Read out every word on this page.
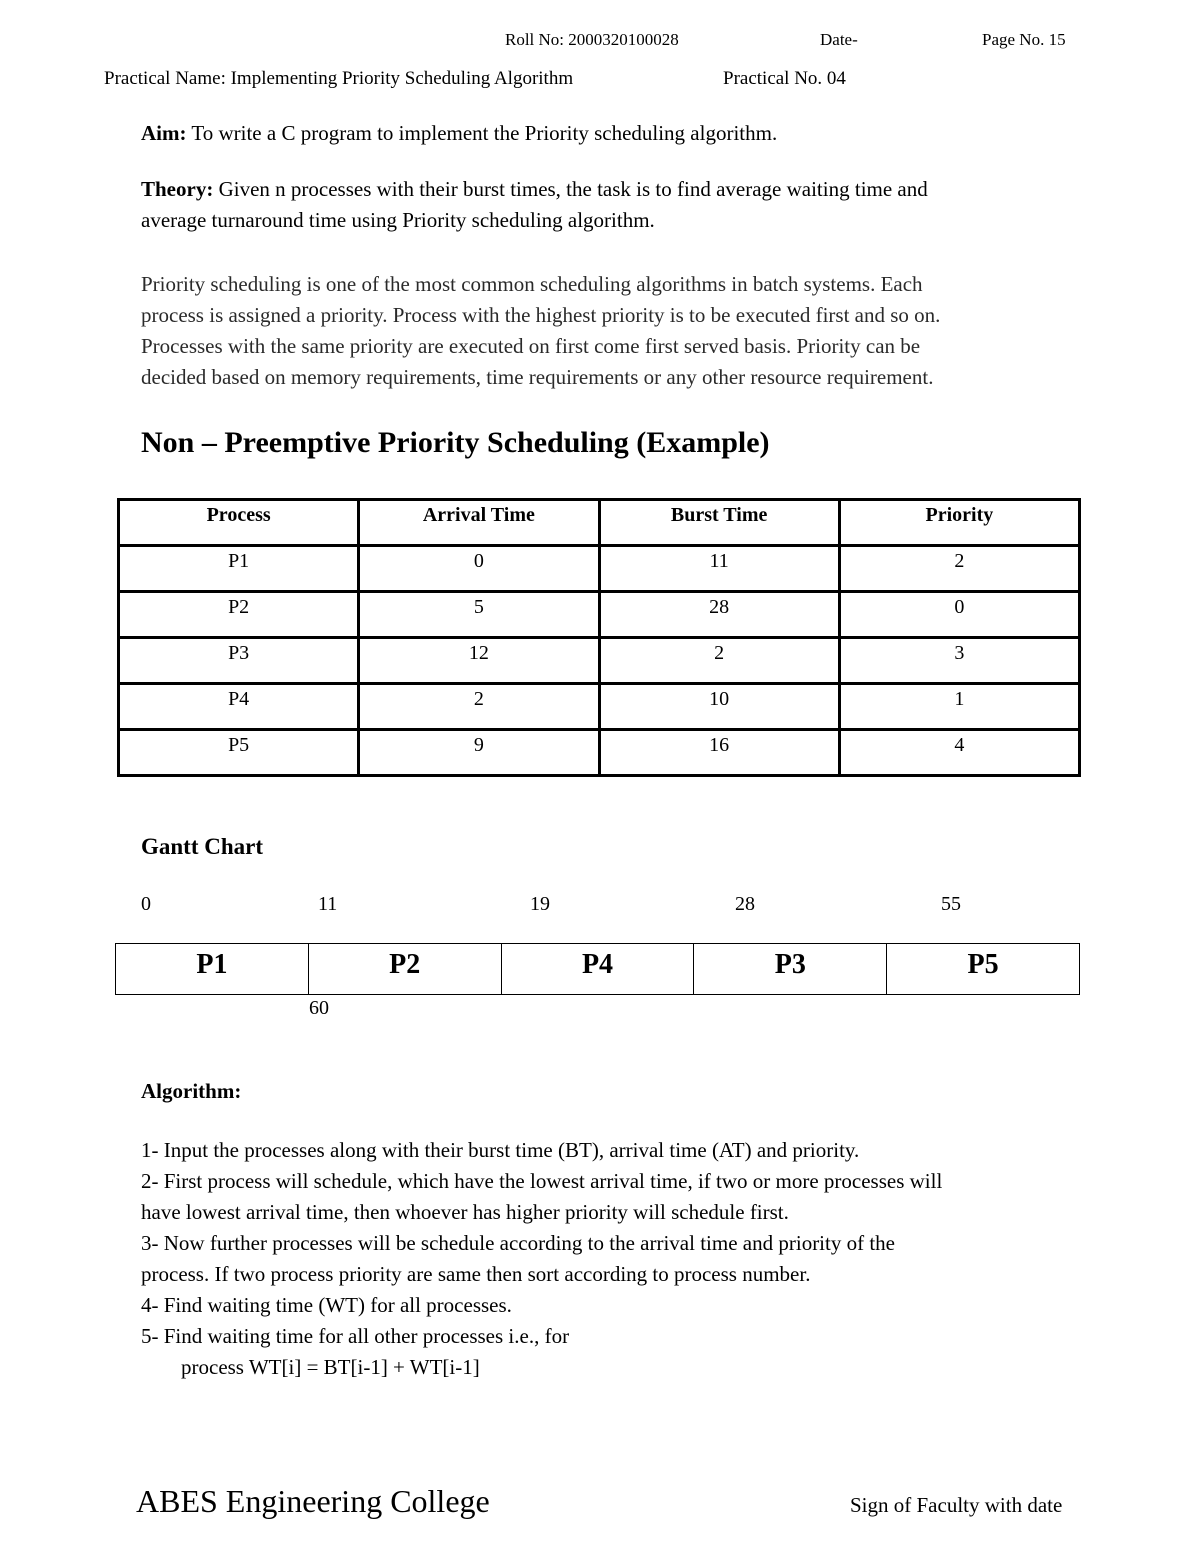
Roll No: 2000320100028	Date-	Page No. 15
Practical Name: Implementing Priority Scheduling Algorithm	Practical No. 04
Aim: To write a C program to implement the Priority scheduling algorithm.
Theory: Given n processes with their burst times, the task is to find average waiting time and
average turnaround time using Priority scheduling algorithm.
Priority scheduling is one of the most common scheduling algorithms in batch systems. Each
process is assigned a priority. Process with the highest priority is to be executed first and so on.
Processes with the same priority are executed on first come first served basis. Priority can be
decided based on memory requirements, time requirements or any other resource requirement.
Non – Preemptive Priority Scheduling (Example)
Process	Arrival Time	Burst Time	Priority
P1	0	11	2
P2	5	28	0
P3	12	2	3
P4	2	10	1
P5	9	16	4
Gantt Chart
0	11	19	28	55
P1	P2	P4	P3	P5
60
Algorithm:
1- Input the processes along with their burst time (BT), arrival time (AT) and priority.
2- First process will schedule, which have the lowest arrival time, if two or more processes will
have lowest arrival time, then whoever has higher priority will schedule first.
3- Now further processes will be schedule according to the arrival time and priority of the
process. If two process priority are same then sort according to process number.
4- Find waiting time (WT) for all processes.
5- Find waiting time for all other processes i.e., for
process WT[i] = BT[i-1] + WT[i-1]
ABES Engineering College	Sign of Faculty with date
